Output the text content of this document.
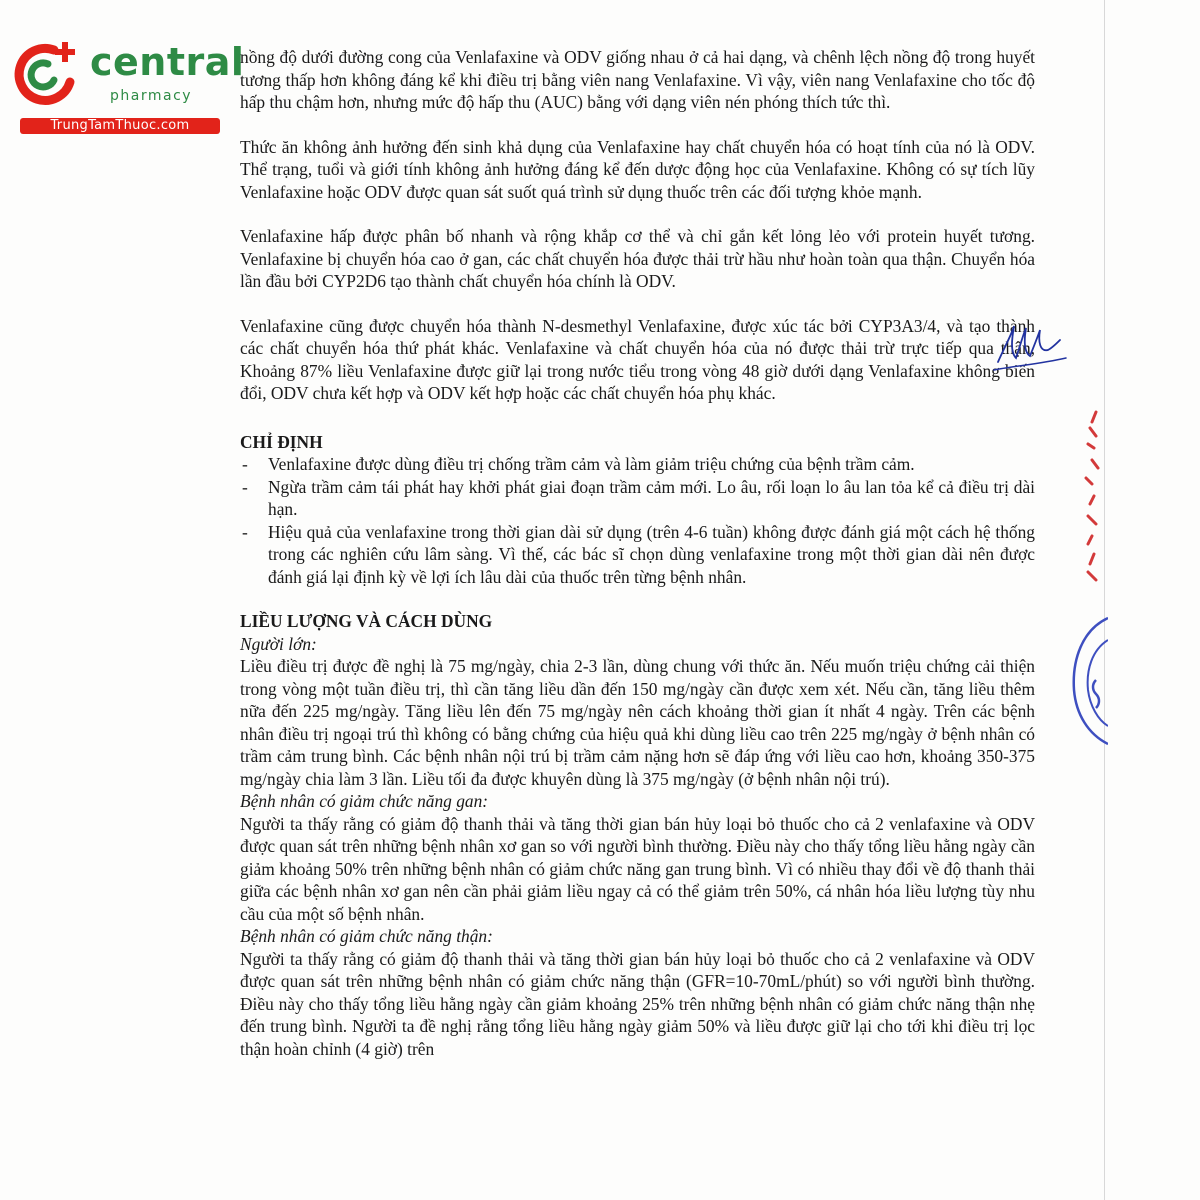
central
pharmacy
TrungTamThuoc.com
nồng độ dưới đường cong của Venlafaxine và ODV giống nhau ở cả hai dạng, và chênh lệch nồng độ trong huyết tương thấp hơn không đáng kể khi điều trị bằng viên nang Venlafaxine. Vì vậy, viên nang Venlafaxine cho tốc độ hấp thu chậm hơn, nhưng mức độ hấp thu (AUC) bằng với dạng viên nén phóng thích tức thì.
Thức ăn không ảnh hưởng đến sinh khả dụng của Venlafaxine hay chất chuyển hóa có hoạt tính của nó là ODV. Thể trạng, tuổi và giới tính không ảnh hưởng đáng kể đến dược động học của Venlafaxine. Không có sự tích lũy Venlafaxine hoặc ODV được quan sát suốt quá trình sử dụng thuốc trên các đối tượng khỏe mạnh.
Venlafaxine hấp được phân bố nhanh và rộng khắp cơ thể và chỉ gắn kết lỏng lẻo với protein huyết tương. Venlafaxine bị chuyển hóa cao ở gan, các chất chuyển hóa được thải trừ hầu như hoàn toàn qua thận. Chuyển hóa lần đầu bởi CYP2D6 tạo thành chất chuyển hóa chính là ODV.
Venlafaxine cũng được chuyển hóa thành N-desmethyl Venlafaxine, được xúc tác bởi CYP3A3/4, và tạo thành các chất chuyển hóa thứ phát khác. Venlafaxine và chất chuyển hóa của nó được thải trừ trực tiếp qua thận, Khoảng 87% liều Venlafaxine được giữ lại trong nước tiểu trong vòng 48 giờ dưới dạng Venlafaxine không biến đổi, ODV chưa kết hợp và ODV kết hợp hoặc các chất chuyển hóa phụ khác.
CHỈ ĐỊNH
- Venlafaxine được dùng điều trị chống trầm cảm và làm giảm triệu chứng của bệnh trầm cảm.
- Ngừa trầm cảm tái phát hay khởi phát giai đoạn trầm cảm mới. Lo âu, rối loạn lo âu lan tỏa kể cả điều trị dài hạn.
- Hiệu quả của venlafaxine trong thời gian dài sử dụng (trên 4-6 tuần) không được đánh giá một cách hệ thống trong các nghiên cứu lâm sàng. Vì thế, các bác sĩ chọn dùng venlafaxine trong một thời gian dài nên được đánh giá lại định kỳ về lợi ích lâu dài của thuốc trên từng bệnh nhân.
LIỀU LƯỢNG VÀ CÁCH DÙNG
Người lớn:
Liều điều trị được đề nghị là 75 mg/ngày, chia 2-3 lần, dùng chung với thức ăn. Nếu muốn triệu chứng cải thiện trong vòng một tuần điều trị, thì cần tăng liều dần đến 150 mg/ngày cần được xem xét. Nếu cần, tăng liều thêm nữa đến 225 mg/ngày. Tăng liều lên đến 75 mg/ngày nên cách khoảng thời gian ít nhất 4 ngày. Trên các bệnh nhân điều trị ngoại trú thì không có bằng chứng của hiệu quả khi dùng liều cao trên 225 mg/ngày ở bệnh nhân có trầm cảm trung bình. Các bệnh nhân nội trú bị trầm cảm nặng hơn sẽ đáp ứng với liều cao hơn, khoảng 350-375 mg/ngày chia làm 3 lần. Liều tối đa được khuyên dùng là 375 mg/ngày (ở bệnh nhân nội trú).
Bệnh nhân có giảm chức năng gan:
Người ta thấy rằng có giảm độ thanh thải và tăng thời gian bán hủy loại bỏ thuốc cho cả 2 venlafaxine và ODV được quan sát trên những bệnh nhân xơ gan so với người bình thường. Điều này cho thấy tổng liều hằng ngày cần giảm khoảng 50% trên những bệnh nhân có giảm chức năng gan trung bình. Vì có nhiều thay đổi về độ thanh thải giữa các bệnh nhân xơ gan nên cần phải giảm liều ngay cả có thể giảm trên 50%, cá nhân hóa liều lượng tùy nhu cầu của một số bệnh nhân.
Bệnh nhân có giảm chức năng thận:
Người ta thấy rằng có giảm độ thanh thải và tăng thời gian bán hủy loại bỏ thuốc cho cả 2 venlafaxine và ODV được quan sát trên những bệnh nhân có giảm chức năng thận (GFR=10-70mL/phút) so với người bình thường. Điều này cho thấy tổng liều hằng ngày cần giảm khoảng 25% trên những bệnh nhân có giảm chức năng thận nhẹ đến trung bình. Người ta đề nghị rằng tổng liều hằng ngày giảm 50% và liều được giữ lại cho tới khi điều trị lọc thận hoàn chỉnh (4 giờ) trên
